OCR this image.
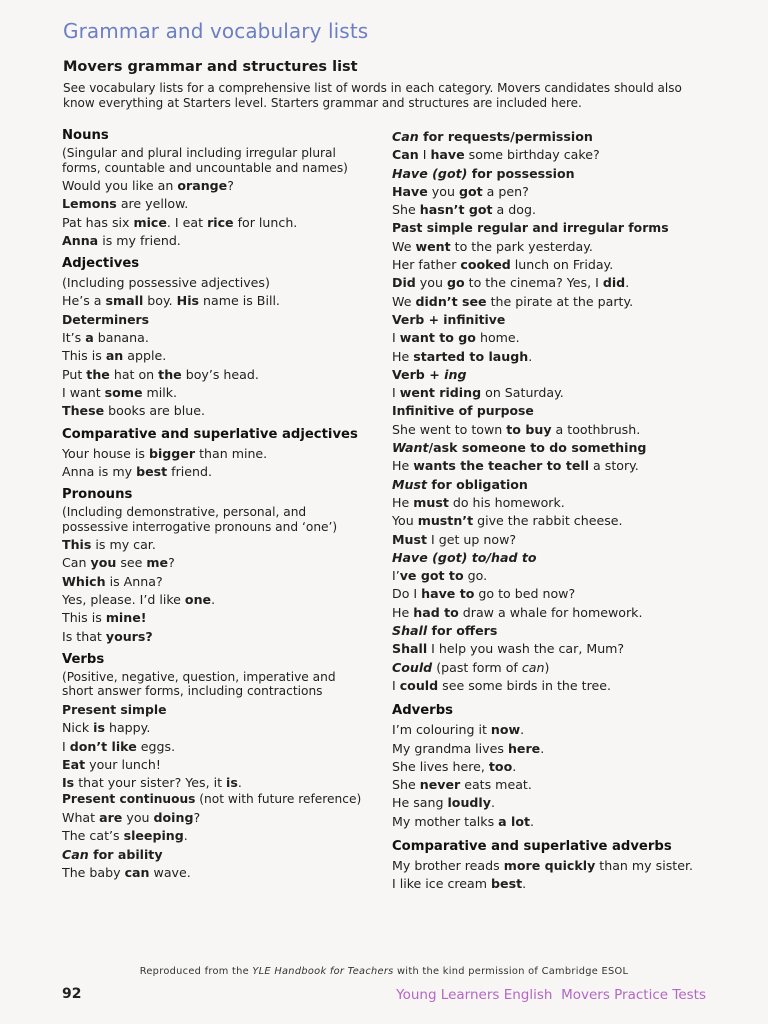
Grammar and vocabulary lists
Movers grammar and structures list
See vocabulary lists for a comprehensive list of words in each category. Movers candidates should also know everything at Starters level. Starters grammar and structures are included here.
Nouns
(Singular and plural including irregular plural forms, countable and uncountable and names)
Would you like an orange?
Lemons are yellow.
Pat has six mice. I eat rice for lunch.
Anna is my friend.
Adjectives
(Including possessive adjectives)
He’s a small boy. His name is Bill.
Determiners
It’s a banana.
This is an apple.
Put the hat on the boy’s head.
I want some milk.
These books are blue.
Comparative and superlative adjectives
Your house is bigger than mine.
Anna is my best friend.
Pronouns
(Including demonstrative, personal, and possessive interrogative pronouns and ‘one’)
This is my car.
Can you see me?
Which is Anna?
Yes, please. I’d like one.
This is mine!
Is that yours?
Verbs
(Positive, negative, question, imperative and short answer forms, including contractions
Present simple
Nick is happy.
I don’t like eggs.
Eat your lunch!
Is that your sister? Yes, it is.
Present continuous (not with future reference)
What are you doing?
The cat’s sleeping.
Can for ability
The baby can wave.
Can for requests/permission
Can I have some birthday cake?
Have (got) for possession
Have you got a pen?
She hasn’t got a dog.
Past simple regular and irregular forms
We went to the park yesterday.
Her father cooked lunch on Friday.
Did you go to the cinema? Yes, I did.
We didn’t see the pirate at the party.
Verb + infinitive
I want to go home.
He started to laugh.
Verb + ing
I went riding on Saturday.
Infinitive of purpose
She went to town to buy a toothbrush.
Want/ask someone to do something
He wants the teacher to tell a story.
Must for obligation
He must do his homework.
You mustn’t give the rabbit cheese.
Must I get up now?
Have (got) to/had to
I’ve got to go.
Do I have to go to bed now?
He had to draw a whale for homework.
Shall for offers
Shall I help you wash the car, Mum?
Could (past form of can)
I could see some birds in the tree.
Adverbs
I’m colouring it now.
My grandma lives here.
She lives here, too.
She never eats meat.
He sang loudly.
My mother talks a lot.
Comparative and superlative adverbs
My brother reads more quickly than my sister.
I like ice cream best.
Reproduced from the YLE Handbook for Teachers with the kind permission of Cambridge ESOL
92	Young Learners English Movers Practice Tests
